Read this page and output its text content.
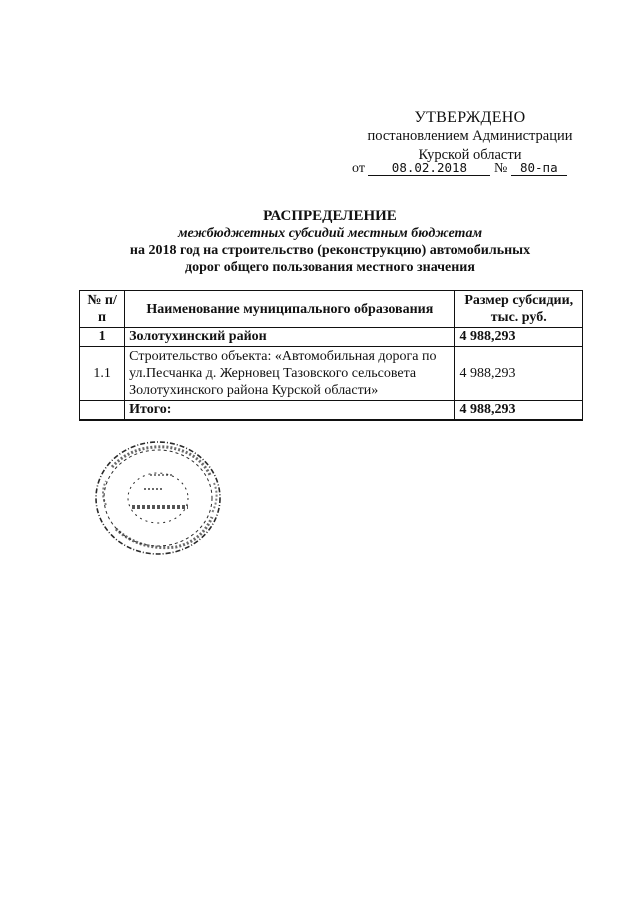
УТВЕРЖДЕНО
постановлением Администрации
Курской области
от 08.02.2018 № 80-па
РАСПРЕДЕЛЕНИЕ
межбюджетных субсидий местным бюджетам
на 2018 год на строительство (реконструкцию) автомобильных
дорог общего пользования местного значения
№ п/п	Наименование муниципального образования	Размер субсидии, тыс. руб.
1	Золотухинский район	4 988,293
1.1	Строительство объекта: «Автомобильная дорога по ул.Песчанка д. Жерновец Тазовского сельсовета Золотухинского района Курской области»	4 988,293
	Итого:	4 988,293
